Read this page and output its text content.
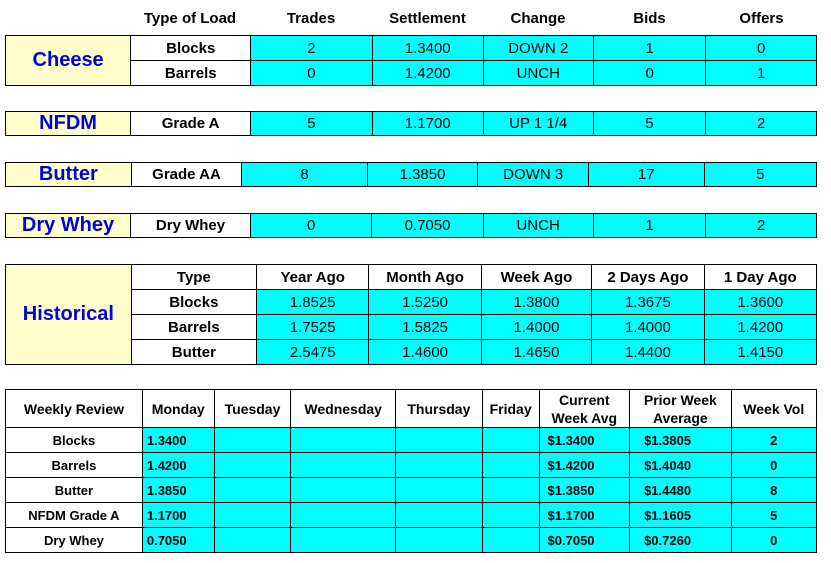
	Type of Load	Trades	Settlement	Change	Bids	Offers
Cheese	Blocks	2	1.3400	DOWN 2	1	0
	Barrels	0	1.4200	UNCH	0	1
NFDM	Grade A	5	1.1700	UP 1 1/4	5	2
Butter	Grade AA	8	1.3850	DOWN 3	17	5
Dry Whey	Dry Whey	0	0.7050	UNCH	1	2
Historical	Type	Year Ago	Month Ago	Week Ago	2 Days Ago	1 Day Ago
	Blocks	1.8525	1.5250	1.3800	1.3675	1.3600
	Barrels	1.7525	1.5825	1.4000	1.4000	1.4200
	Butter	2.5475	1.4600	1.4650	1.4400	1.4150
Weekly Review	Monday	Tuesday	Wednesday	Thursday	Friday	Current Week Avg	Prior Week Average	Week Vol
Blocks	1.3400					$1.3400	$1.3805	2
Barrels	1.4200					$1.4200	$1.4040	0
Butter	1.3850					$1.3850	$1.4480	8
NFDM Grade A	1.1700					$1.1700	$1.1605	5
Dry Whey	0.7050					$0.7050	$0.7260	0
